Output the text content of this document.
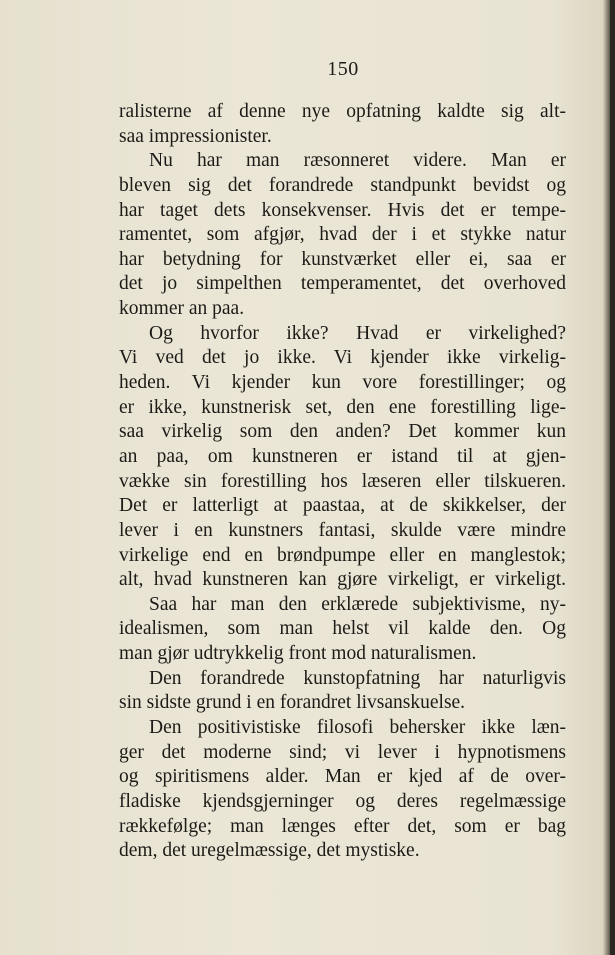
150

ralisterne af denne nye opfatning kaldte sig alt-
saa impressionister.
Nu har man ræsonneret videre. Man er
bleven sig det forandrede standpunkt bevidst og
har taget dets konsekvenser. Hvis det er tempe-
ramentet, som afgjør, hvad der i et stykke natur
har betydning for kunstværket eller ei, saa er
det jo simpelthen temperamentet, det overhoved
kommer an paa.
Og hvorfor ikke? Hvad er virkelighed?
Vi ved det jo ikke. Vi kjender ikke virkelig-
heden. Vi kjender kun vore forestillinger; og
er ikke, kunstnerisk set, den ene forestilling lige-
saa virkelig som den anden? Det kommer kun
an paa, om kunstneren er istand til at gjen-
vække sin forestilling hos læseren eller tilskueren.
Det er latterligt at paastaa, at de skikkelser, der
lever i en kunstners fantasi, skulde være mindre
virkelige end en brøndpumpe eller en manglestok;
alt, hvad kunstneren kan gjøre virkeligt, er virkeligt.
Saa har man den erklærede subjektivisme, ny-
idealismen, som man helst vil kalde den. Og
man gjør udtrykkelig front mod naturalismen.
Den forandrede kunstopfatning har naturligvis
sin sidste grund i en forandret livsanskuelse.
Den positivistiske filosofi behersker ikke læn-
ger det moderne sind; vi lever i hypnotismens
og spiritismens alder. Man er kjed af de over-
fladiske kjendsgjerninger og deres regelmæssige
rækkefølge; man længes efter det, som er bag
dem, det uregelmæssige, det mystiske.
